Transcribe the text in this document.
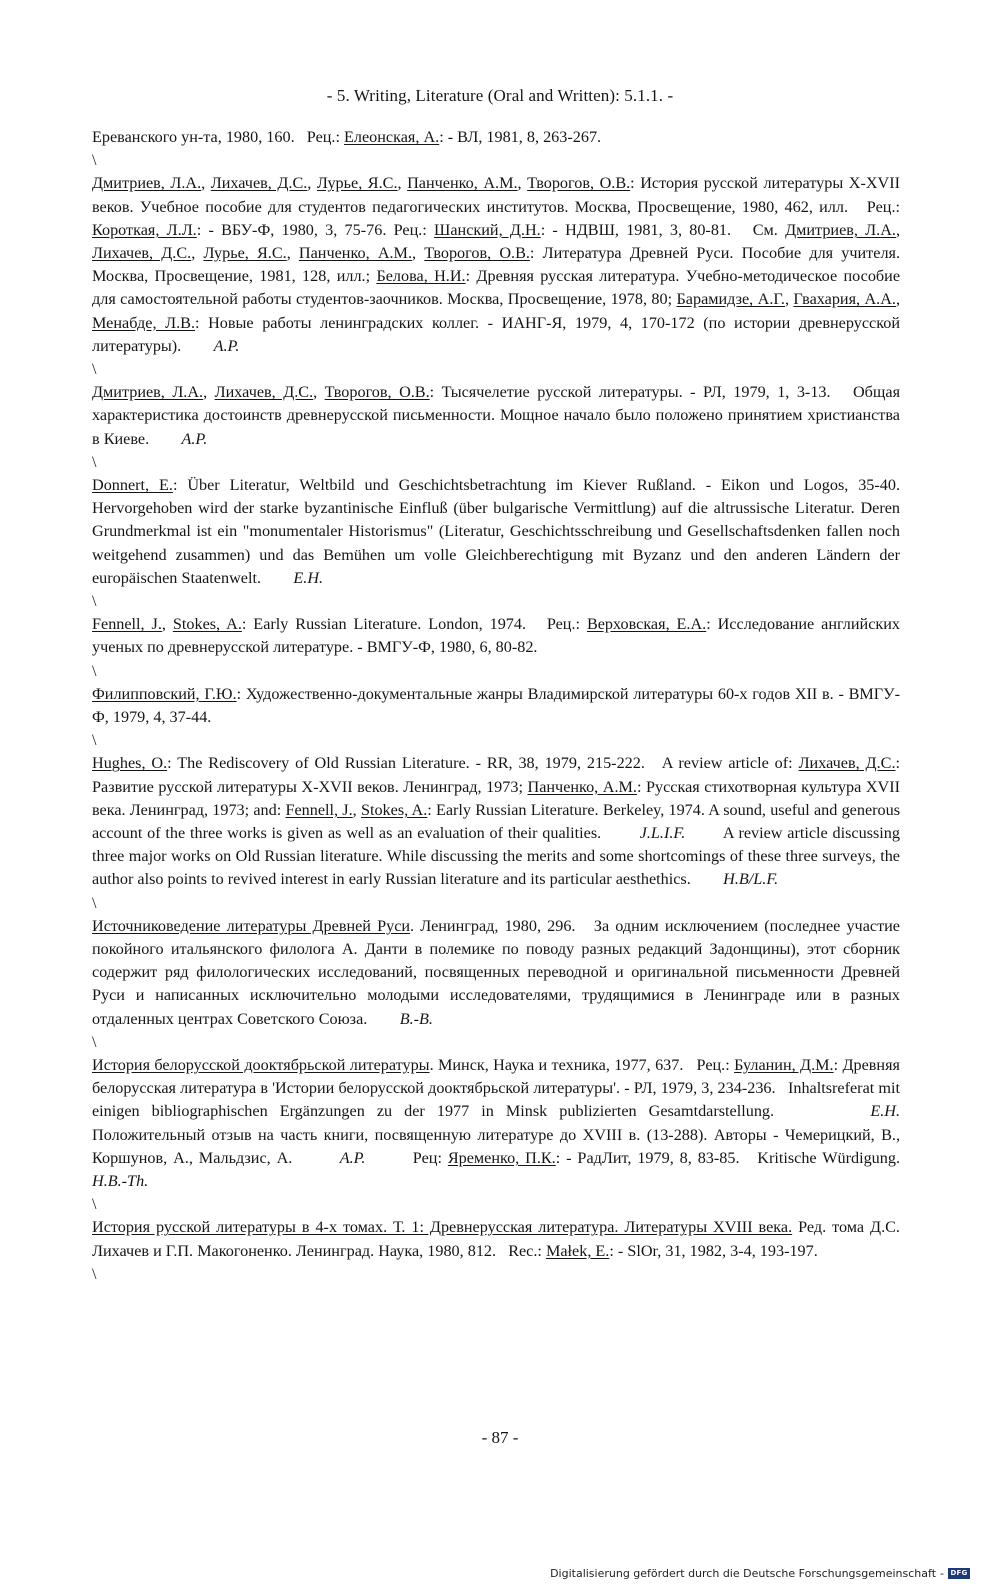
- 5. Writing, Literature (Oral and Written): 5.1.1. -

Ереванского ун-та, 1980, 160.   Рец.: Елеонская, А.: - ВЛ, 1981, 8, 263-267.

\

Дмитриев, Л.А., Лихачев, Д.С., Лурье, Я.С., Панченко, А.М., Творогов, О.В.: История русской литературы X-XVII веков. Учебное пособие для студентов педагогических институтов. Москва, Просвещение, 1980, 462, илл.   Рец.: Короткая, Л.Л.: - ВБУ-Ф, 1980, 3, 75-76. Рец.: Шанский, Д.Н.: - НДВШ, 1981, 3, 80-81.   См. Дмитриев, Л.А., Лихачев, Д.С., Лурье, Я.С., Панченко, А.М., Творогов, О.В.: Литература Древней Руси. Пособие для учителя. Москва, Просвещение, 1981, 128, илл.; Белова, Н.И.: Древняя русская литература. Учебно-методическое пособие для самостоятельной работы студентов-заочников. Москва, Просвещение, 1978, 80; Барамидзе, А.Г., Гвахария, А.А., Менабде, Л.В.: Новые работы ленинградских коллег. - ИАНГ-Я, 1979, 4, 170-172 (по истории древнерусской литературы).        A.P.

\

Дмитриев, Л.А., Лихачев, Д.С., Творогов, О.В.: Тысячелетие русской литературы. - РЛ, 1979, 1, 3-13.   Общая характеристика достоинств древнерусской письменности. Мощное начало было положено принятием христианства в Киеве.        A.P.

\

Donnert, E.: Über Literatur, Weltbild und Geschichtsbetrachtung im Kiever Rußland. - Eikon und Logos, 35-40.   Hervorgehoben wird der starke byzantinische Einfluß (über bulgarische Vermittlung) auf die altrussische Literatur. Deren Grundmerkmal ist ein "monumentaler Historismus" (Literatur, Geschichtsschreibung und Gesellschaftsdenken fallen noch weitgehend zusammen) und das Bemühen um volle Gleichberechtigung mit Byzanz und den anderen Ländern der europäischen Staatenwelt.        E.H.

\

Fennell, J., Stokes, A.: Early Russian Literature. London, 1974.   Рец.: Верховская, Е.А.: Исследование английских ученых по древнерусской литературе. - ВМГУ-Ф, 1980, 6, 80-82.

\

Филипповский, Г.Ю.: Художественно-документальные жанры Владимирской литературы 60-х годов XII в. - ВМГУ-Ф, 1979, 4, 37-44.

\

Hughes, O.: The Rediscovery of Old Russian Literature. - RR, 38, 1979, 215-222.   A review article of: Лихачев, Д.С.: Развитие русской литературы X-XVII веков. Ленинград, 1973; Панченко, А.М.: Русская стихотворная культура XVII века. Ленинград, 1973; and: Fennell, J., Stokes, A.: Early Russian Literature. Berkeley, 1974. A sound, useful and generous account of the three works is given as well as an evaluation of their qualities.        J.L.I.F.        A review article discussing three major works on Old Russian literature. While discussing the merits and some shortcomings of these three surveys, the author also points to revived interest in early Russian literature and its particular aesthethics.        H.B/L.F.

\

Источниковедение литературы Древней Руси. Ленинград, 1980, 296.   За одним исключением (последнее участие покойного итальянского филолога А. Данти в полемике по поводу разных редакций Задонщины), этот сборник содержит ряд филологических исследований, посвященных переводной и оригинальной письменности Древней Руси и написанных исключительно молодыми исследователями, трудящимися в Ленинграде или в разных отдаленных центрах Советского Союза.        B.-B.

\

История белорусской дооктябрьской литературы. Минск, Наука и техника, 1977, 637.   Рец.: Буланин, Д.М.: Древняя белорусская литература в 'Истории белорусской дооктябрьской литературы'. - РЛ, 1979, 3, 234-236.   Inhaltsreferat mit einigen bibliographischen Ergänzungen zu der 1977 in Minsk publizierten Gesamtdarstellung.        E.H.        Положительный отзыв на часть книги, посвященную литературе до XVIII в. (13-288). Авторы - Чемерицкий, В., Коршунов, А., Мальдзис, А.        A.P.        Рец: Яременко, П.К.: - РадЛит, 1979, 8, 83-85.   Kritische Würdigung.        H.B.-Th.

\

История русской литературы в 4-х томах. Т. 1: Древнерусская литература. Литературы XVIII века. Ред. тома Д.С. Лихачев и Г.П. Макогоненко. Ленинград. Наука, 1980, 812.   Rec.: Małek, E.: - SlOr, 31, 1982, 3-4, 193-197.

\
- 87 -
Digitalisierung gefördert durch die Deutsche Forschungsgemeinschaft - DFG
